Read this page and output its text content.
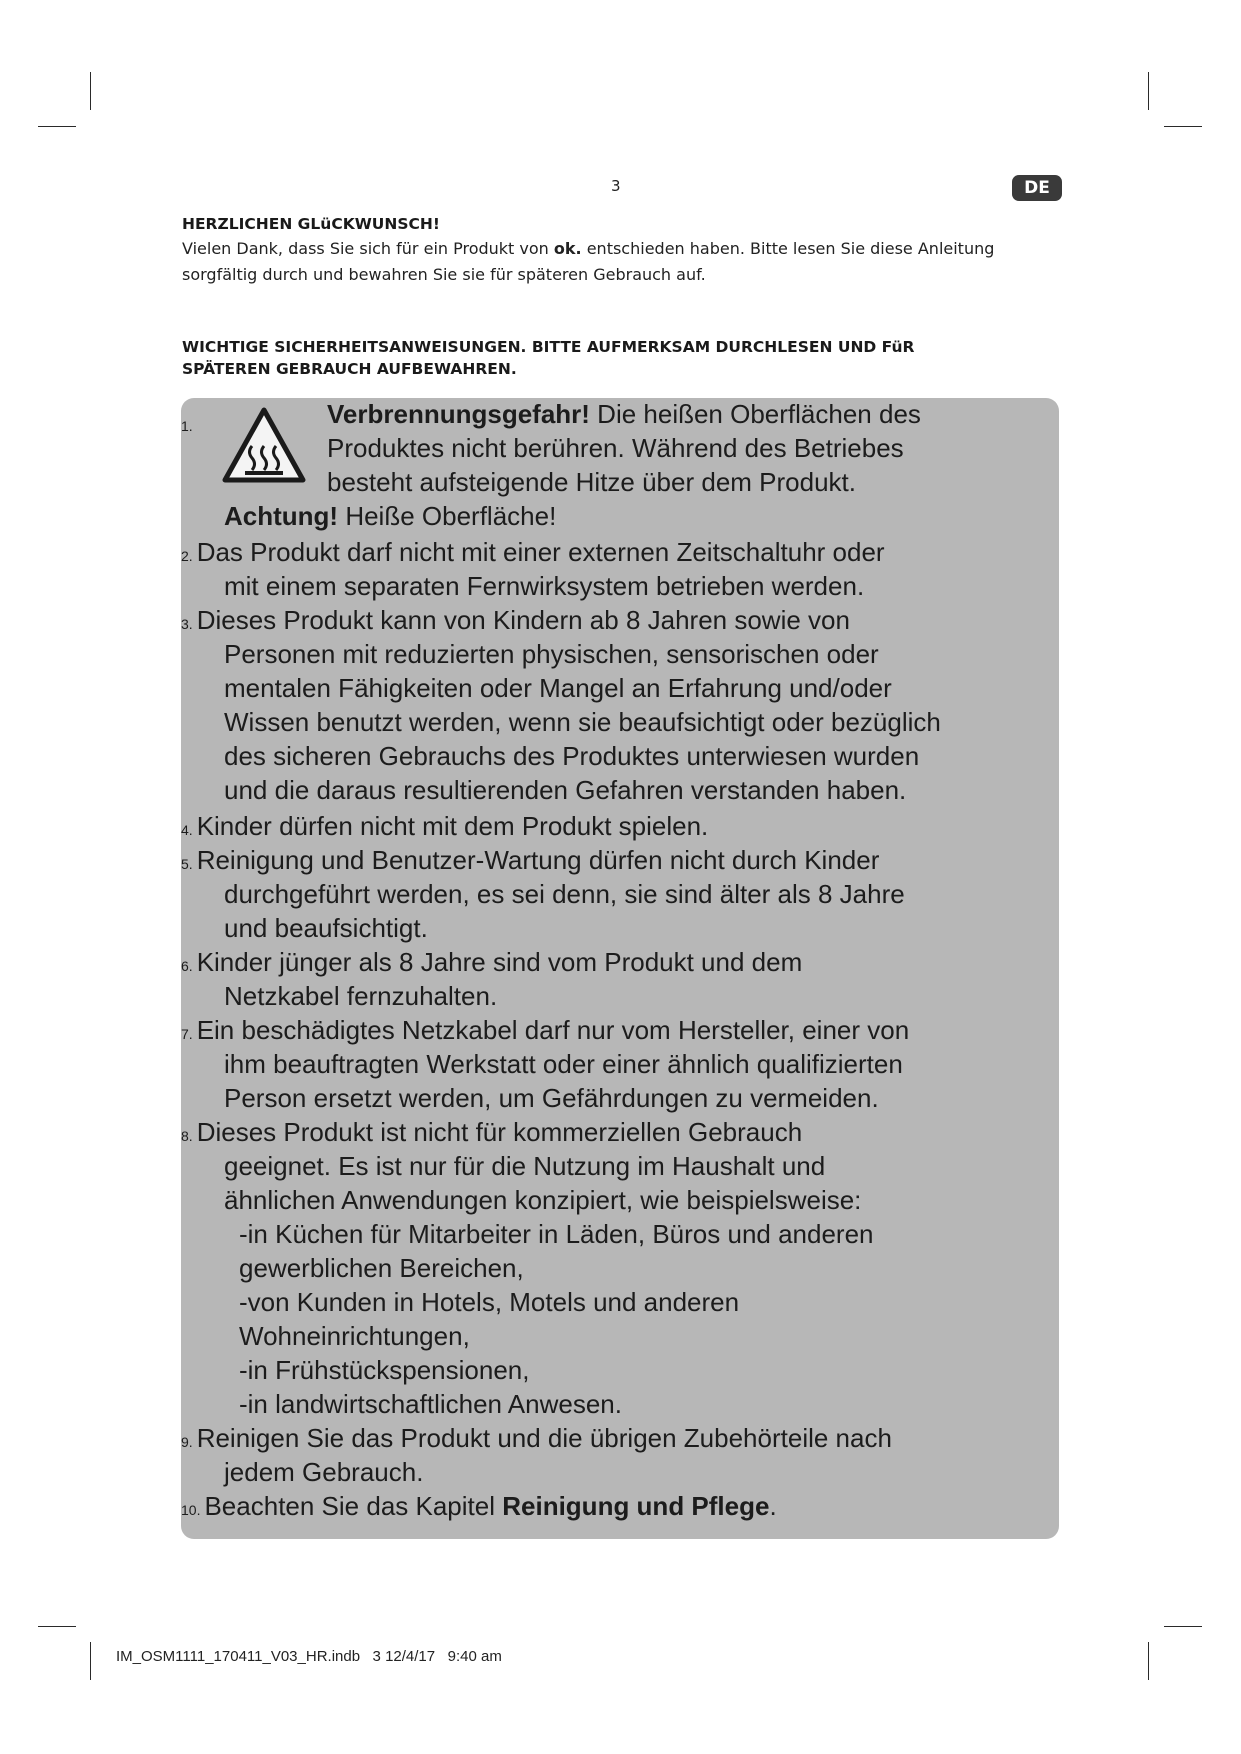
3	DE
HERZLICHEN GLüCKWUNSCH!
Vielen Dank, dass Sie sich für ein Produkt von ok. entschieden haben. Bitte lesen Sie diese Anleitung
sorgfältig durch und bewahren Sie sie für späteren Gebrauch auf.
WICHTIGE SICHERHEITSANWEISUNGEN. BITTE AUFMERKSAM DURCHLESEN UND FüR
SPÄTEREN GEBRAUCH AUFBEWAHREN.
1.	Verbrennungsgefahr! Die heißen Oberflächen des
Produktes nicht berühren. Während des Betriebes
besteht aufsteigende Hitze über dem Produkt.
Achtung! Heiße Oberfläche!
2. Das Produkt darf nicht mit einer externen Zeitschaltuhr oder
mit einem separaten Fernwirksystem betrieben werden.
3. Dieses Produkt kann von Kindern ab 8 Jahren sowie von
Personen mit reduzierten physischen, sensorischen oder
mentalen Fähigkeiten oder Mangel an Erfahrung und/oder
Wissen benutzt werden, wenn sie beaufsichtigt oder bezüglich
des sicheren Gebrauchs des Produktes unterwiesen wurden
und die daraus resultierenden Gefahren verstanden haben.
4. Kinder dürfen nicht mit dem Produkt spielen.
5. Reinigung und Benutzer-Wartung dürfen nicht durch Kinder
durchgeführt werden, es sei denn, sie sind älter als 8 Jahre
und beaufsichtigt.
6. Kinder jünger als 8 Jahre sind vom Produkt und dem
Netzkabel fernzuhalten.
7. Ein beschädigtes Netzkabel darf nur vom Hersteller, einer von
ihm beauftragten Werkstatt oder einer ähnlich qualifizierten
Person ersetzt werden, um Gefährdungen zu vermeiden.
8. Dieses Produkt ist nicht für kommerziellen Gebrauch
geeignet. Es ist nur für die Nutzung im Haushalt und
ähnlichen Anwendungen konzipiert, wie beispielsweise:
-in Küchen für Mitarbeiter in Läden, Büros und anderen
gewerblichen Bereichen,
-von Kunden in Hotels, Motels und anderen
Wohneinrichtungen,
-in Frühstückspensionen,
-in landwirtschaftlichen Anwesen.
9. Reinigen Sie das Produkt und die übrigen Zubehörteile nach
jedem Gebrauch.
10. Beachten Sie das Kapitel Reinigung und Pflege.
IM_OSM1111_170411_V03_HR.indb   3 12/4/17   9:40 am
